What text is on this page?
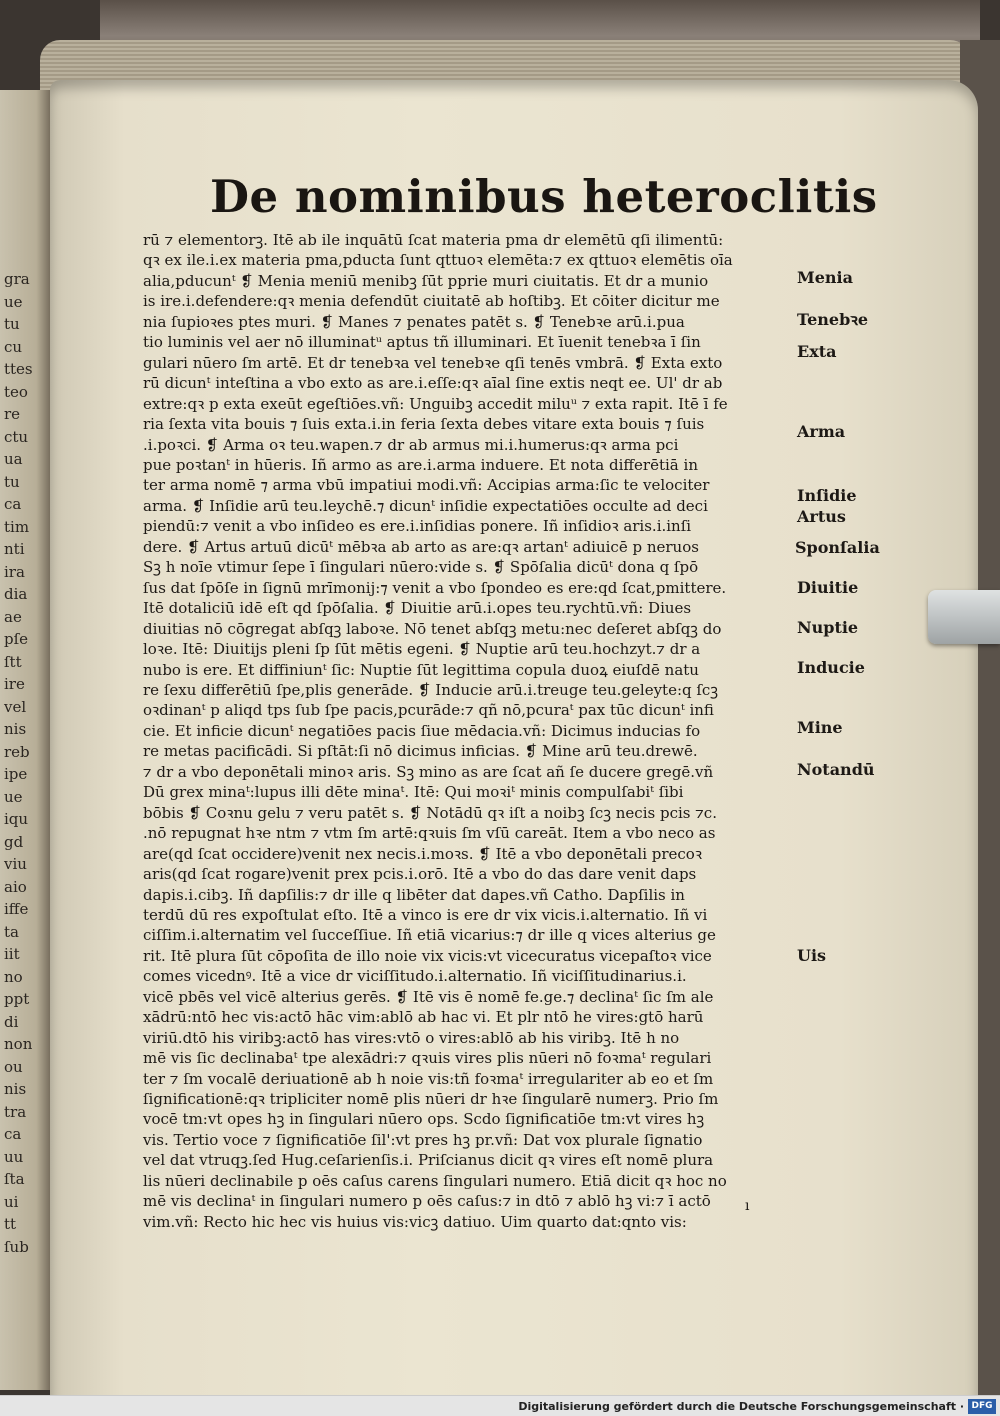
gra
ue
tu
cu
ttes
teo
re
ctu
ua
tu
ca
tim
nti
ira
dia
ae
pſe
ſtt
ire
vel
nis
reb
ipe
ue
iqu
gd
viu
aio
iffe
ta
iit
no
ppt
di
non
ou
nis
tra
ca
uu
ſta
ui
tt
ſub
De nominibus heteroclitis
rū ⁊ elementorꝫ. Itē ab ile inquātū ſcat materia pma dr elemētū qſi ilimentū:
qꝛ ex ile.i.ex materia pma,pducta ſunt qttuoꝛ elemēta:⁊ ex qttuoꝛ elemētis oīa
alia,pducunᵗ ❡ Menia meniū menibꝫ ſūt pprie muri ciuitatis. Et dr a munio
is ire.i.defendere:qꝛ menia defendūt ciuitatē ab hoſtibꝫ. Et cōiter dicitur me
nia ſupioꝛes ptes muri. ❡ Manes ⁊ penates patēt s. ❡ Tenebꝛe arū.i.pua
tio luminis vel aer nō illuminatᵘ aptus tñ illuminari. Et īuenit tenebꝛa ī ſin
gulari nūero ſm artē. Et dr tenebꝛa vel tenebꝛe qſi tenēs vmbrā. ❡ Exta exto
rū dicunᵗ inteſtina a vbo exto as are.i.eſſe:qꝛ aīal ſine extis neqt ee. Ul' dr ab
extre:qꝛ p exta exeūt egeſtiōes.vñ: Unguibꝫ accedit miluᵘ ⁊ exta rapit. Itē ī fe
ria ſexta vita bouis ⁊ ſuis exta.i.in feria ſexta debes vitare exta bouis ⁊ ſuis
.i.poꝛci. ❡ Arma oꝛ teu.wapen.⁊ dr ab armus mi.i.humerus:qꝛ arma pci
pue poꝛtanᵗ in hūeris. Iñ armo as are.i.arma induere. Et nota differētiā in
ter arma nomē ⁊ arma vbū impatiui modi.vñ: Accipias arma:ſic te velociter
arma. ❡ Inſidie arū teu.leychē.⁊ dicunᵗ inſidie expectatiōes occulte ad deci
piendū:⁊ venit a vbo inſideo es ere.i.inſidias ponere. Iñ inſidioꝛ aris.i.inſi
dere. ❡ Artus artuū dicūᵗ mēbꝛa ab arto as are:qꝛ artanᵗ adiuicē p neruos
Sꝫ h noīe vtimur ſepe ī ſingulari nūero:vide s. ❡ Spōſalia dicūᵗ dona q ſpō
ſus dat ſpōſe in ſignū mrīmonij:⁊ venit a vbo ſpondeo es ere:qd ſcat,pmittere.
Itē dotaliciū idē eſt qd ſpōſalia. ❡ Diuitie arū.i.opes teu.rychtū.vñ: Diues
diuitias nō cōgregat abſqꝫ laboꝛe. Nō tenet abſqꝫ metu:nec deſeret abſqꝫ do
loꝛe. Itē: Diuitijs pleni ſp ſūt mētis egeni. ❡ Nuptie arū teu.hochzyt.⁊ dr a
nubo is ere. Et diffiniunᵗ ſic: Nuptie ſūt legittima copula duoꝝ eiuſdē natu
re ſexu differētiū ſpe,plis generāde. ❡ Inducie arū.i.treuge teu.geleyte:q ſcꝫ
oꝛdinanᵗ p aliqd tps ſub ſpe pacis,pcurāde:⁊ qñ nō,pcuraᵗ pax tūc dicunᵗ infi
cie. Et inficie dicunᵗ negatiōes pacis ſiue mēdacia.vñ: Dicimus inducias fo
re metas pacificādi. Si pſtāt:ſi nō dicimus inficias. ❡ Mine arū teu.drewē.
⁊ dr a vbo deponētali minoꝛ aris. Sꝫ mino as are ſcat añ ſe ducere gregē.vñ
Dū grex minaᵗ:lupus illi dēte minaᵗ. Itē: Qui moꝛiᵗ minis compulſabiᵗ ſibi
bōbis ❡ Coꝛnu gelu ⁊ veru patēt s. ❡ Notādū qꝛ iſt a noibꝫ ſcꝫ necis pcis ⁊c.
.nō repugnat hꝛe ntm ⁊ vtm ſm artē:qꝛuis ſm vſū careāt. Item a vbo neco as
are(qd ſcat occidere)venit nex necis.i.moꝛs. ❡ Itē a vbo deponētali precoꝛ
aris(qd ſcat rogare)venit prex pcis.i.orō. Itē a vbo do das dare venit daps
dapis.i.cibꝫ. Iñ dapſilis:⁊ dr ille q libēter dat dapes.vñ Catho. Dapſilis in
terdū dū res expoſtulat eſto. Itē a vinco is ere dr vix vicis.i.alternatio. Iñ vi
ciſſim.i.alternatim vel ſucceſſiue. Iñ etiā vicarius:⁊ dr ille q vices alterius ge
rit. Itē plura ſūt cōpoſita de illo noie vix vicis:vt vicecuratus vicepaſtoꝛ vice
comes vicednꝰ. Itē a vice dr viciſſitudo.i.alternatio. Iñ viciſſitudinarius.i.
vicē pbēs vel vicē alterius gerēs. ❡ Itē vis ē nomē fe.ge.⁊ declinaᵗ ſic ſm ale
xādrū:ntō hec vis:actō hāc vim:ablō ab hac vi. Et plr ntō he vires:gtō harū
viriū.dtō his viribꝫ:actō has vires:vtō o vires:ablō ab his viribꝫ. Itē h no
mē vis ſic declinabaᵗ tpe alexādri:⁊ qꝛuis vires plis nūeri nō foꝛmaᵗ regulari
ter ⁊ ſm vocalē deriuationē ab h noie vis:tñ foꝛmaᵗ irregulariter ab eo et ſm
ſignificationē:qꝛ tripliciter nomē plis nūeri dr hꝛe ſingularē numerꝫ. Prio ſm
vocē tm:vt opes hꝫ in ſingulari nūero ops. Scdo ſignificatiōe tm:vt vires hꝫ
vis. Tertio voce ⁊ ſignificatiōe ſil':vt pres hꝫ pr.vñ: Dat vox plurale ſignatio
vel dat vtruqꝫ.ſed Hug.ceſarienſis.i. Priſcianus dicit qꝛ vires eſt nomē plura
lis nūeri declinabile p oēs caſus carens ſingulari numero. Etiā dicit qꝛ hoc no
mē vis declinaᵗ in ſingulari numero p oēs caſus:⁊ in dtō ⁊ ablō hꝫ vi:⁊ ī actō
vim.vñ: Recto hic hec vis huius vis:vicꝫ datiuo. Uim quarto dat:qnto vis:
Menia
Tenebꝛe
Exta
Arma
Inſidie
Artus
Sponſalia
Diuitie
Nuptie
Inducie
Mine
Notandū
Uis
ı
Digitalisierung gefördert durch die Deutsche Forschungsgemeinschaft · DFG
